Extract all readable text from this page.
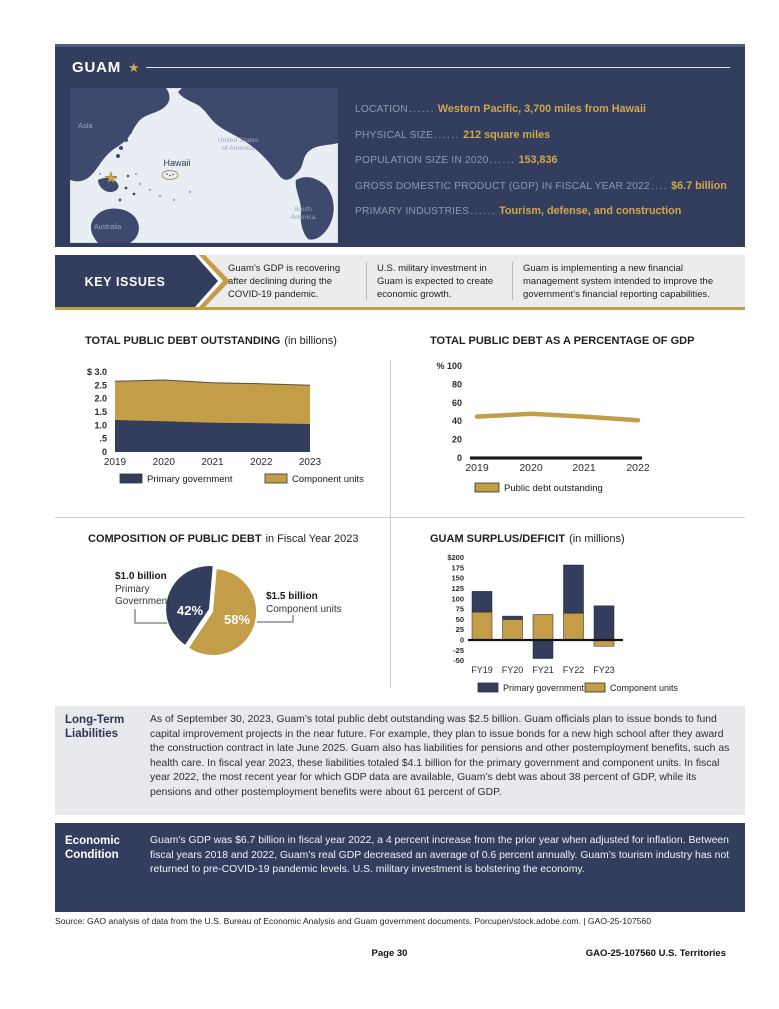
GUAM ★
★
Asia
Hawaii
United States
of America
South
America
Australia
LOCATION...... Western Pacific, 3,700 miles from Hawaii
PHYSICAL SIZE...... 212 square miles
POPULATION SIZE IN 2020...... 153,836
GROSS DOMESTIC PRODUCT (GDP) IN FISCAL YEAR 2022.... $6.7 billion
PRIMARY INDUSTRIES...... Tourism, defense, and construction
KEY ISSUES
Guam’s GDP is recovering after declining during the COVID-19 pandemic.
U.S. military investment in Guam is expected to create economic growth.
Guam is implementing a new financial management system intended to improve the government’s financial reporting capabilities.
TOTAL PUBLIC DEBT OUTSTANDING (in billions)
$ 3.0
2.5
2.0
1.5
1.0
.5
0
2019	2020	2021	2022	2023
Primary government	Component units
TOTAL PUBLIC DEBT AS A PERCENTAGE OF GDP
% 100
80
60
40
20
0
2019	2020	2021	2022
Public debt outstanding
COMPOSITION OF PUBLIC DEBT in Fiscal Year 2023
42%
58%
$1.0 billion
Primary
Government	$1.5 billion
Component units
GUAM SURPLUS/DEFICIT (in millions)
$200
175
150
125
100
75
50
25
0
-25
-50
FY19 FY20 FY21 FY22 FY23
Primary government	Component units
Long-Term
Liabilities
As of September 30, 2023, Guam’s total public debt outstanding was $2.5 billion. Guam officials plan to issue bonds to fund capital improvement projects in the near future. For example, they plan to issue bonds for a new high school after they award the construction contract in late June 2025. Guam also has liabilities for pensions and other postemployment benefits, such as health care. In fiscal year 2023, these liabilities totaled $4.1 billion for the primary government and component units. In fiscal year 2022, the most recent year for which GDP data are available, Guam’s debt was about 38 percent of GDP, while its pensions and other postemployment benefits were about 61 percent of GDP.
Economic
Condition
Guam’s GDP was $6.7 billion in fiscal year 2022, a 4 percent increase from the prior year when adjusted for inflation. Between fiscal years 2018 and 2022, Guam’s real GDP decreased an average of 0.6 percent annually. Guam’s tourism industry has not returned to pre-COVID-19 pandemic levels. U.S. military investment is bolstering the economy.
Source: GAO analysis of data from the U.S. Bureau of Economic Analysis and Guam government documents. Porcupen/stock.adobe.com. | GAO-25-107560
Page 30	GAO-25-107560 U.S. Territories
